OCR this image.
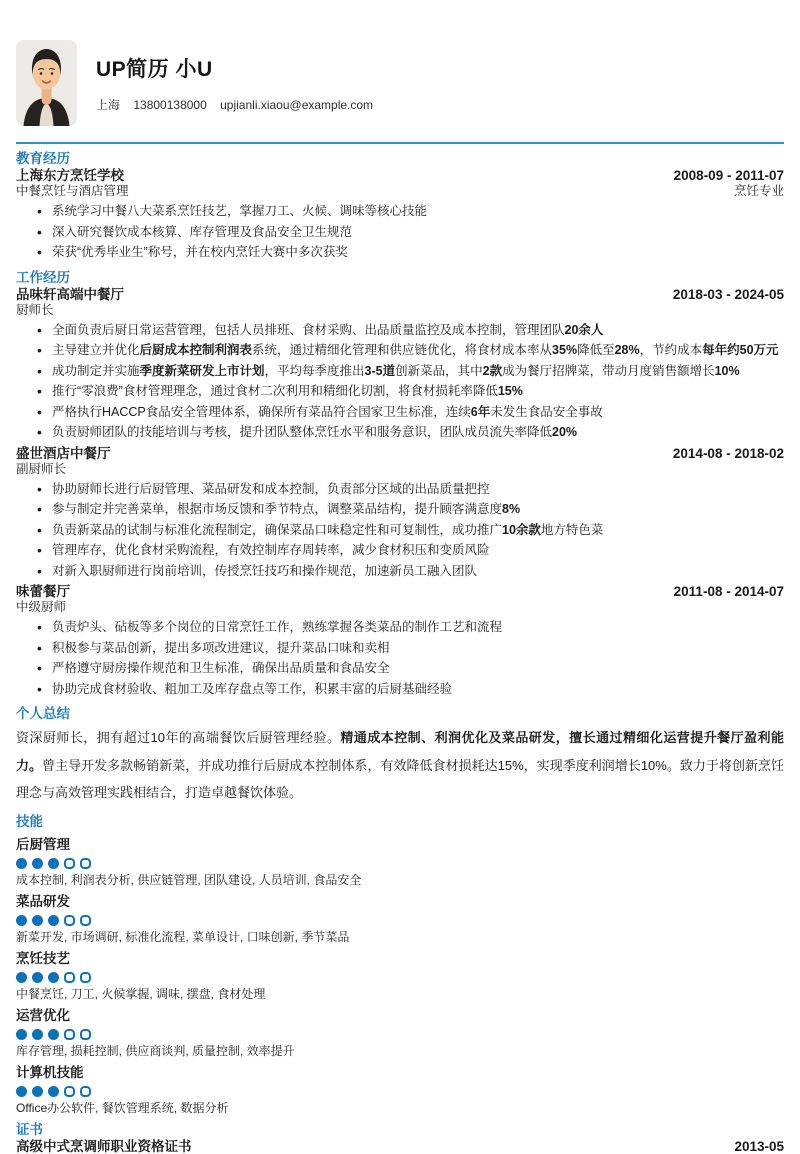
UP简历 小U
上海 13800138000 upjianli.xiaou@example.com
教育经历
上海东方烹饪学校
中餐烹饪与酒店管理
2008-09 - 2011-07
烹饪专业
• 系统学习中餐八大菜系烹饪技艺，掌握刀工、火候、调味等核心技能
• 深入研究餐饮成本核算、库存管理及食品安全卫生规范
• 荣获“优秀毕业生”称号，并在校内烹饪大赛中多次获奖
工作经历
品味轩高端中餐厅
厨师长
2018-03 - 2024-05
• 全面负责后厨日常运营管理，包括人员排班、食材采购、出品质量监控及成本控制，管理团队20余人
• 主导建立并优化后厨成本控制利润表系统，通过精细化管理和供应链优化，将食材成本率从35%降低至28%，节约成本每年约50万元
• 成功制定并实施季度新菜研发上市计划，平均每季度推出3-5道创新菜品，其中2款成为餐厅招牌菜，带动月度销售额增长10%
• 推行“零浪费”食材管理理念，通过食材二次利用和精细化切割，将食材损耗率降低15%
• 严格执行HACCP食品安全管理体系，确保所有菜品符合国家卫生标准，连续6年未发生食品安全事故
• 负责厨师团队的技能培训与考核，提升团队整体烹饪水平和服务意识，团队成员流失率降低20%
盛世酒店中餐厅
副厨师长
2014-08 - 2018-02
• 协助厨师长进行后厨管理、菜品研发和成本控制，负责部分区域的出品质量把控
• 参与制定并完善菜单，根据市场反馈和季节特点，调整菜品结构，提升顾客满意度8%
• 负责新菜品的试制与标准化流程制定，确保菜品口味稳定性和可复制性，成功推广10余款地方特色菜
• 管理库存，优化食材采购流程，有效控制库存周转率，减少食材积压和变质风险
• 对新入职厨师进行岗前培训，传授烹饪技巧和操作规范，加速新员工融入团队
味蕾餐厅
中级厨师
2011-08 - 2014-07
• 负责炉头、砧板等多个岗位的日常烹饪工作，熟练掌握各类菜品的制作工艺和流程
• 积极参与菜品创新，提出多项改进建议，提升菜品口味和卖相
• 严格遵守厨房操作规范和卫生标准，确保出品质量和食品安全
• 协助完成食材验收、粗加工及库存盘点等工作，积累丰富的后厨基础经验
个人总结

资深厨师长，拥有超过10年的高端餐饮后厨管理经验。精通成本控制、利润优化及菜品研发，擅长通过精细化运营提升餐厅盈利能力。曾主导开发多款畅销新菜，并成功推行后厨成本控制体系，有效降低食材损耗达15%，实现季度利润增长10%。致力于将创新烹饪理念与高效管理实践相结合，打造卓越餐饮体验。

技能
后厨管理
成本控制, 利润表分析, 供应链管理, 团队建设, 人员培训, 食品安全
菜品研发
新菜开发, 市场调研, 标准化流程, 菜单设计, 口味创新, 季节菜品
烹饪技艺
中餐烹饪, 刀工, 火候掌握, 调味, 摆盘, 食材处理
运营优化
库存管理, 损耗控制, 供应商谈判, 质量控制, 效率提升
计算机技能
Office办公软件, 餐饮管理系统, 数据分析
证书
高级中式烹调师职业资格证书	2013-05
